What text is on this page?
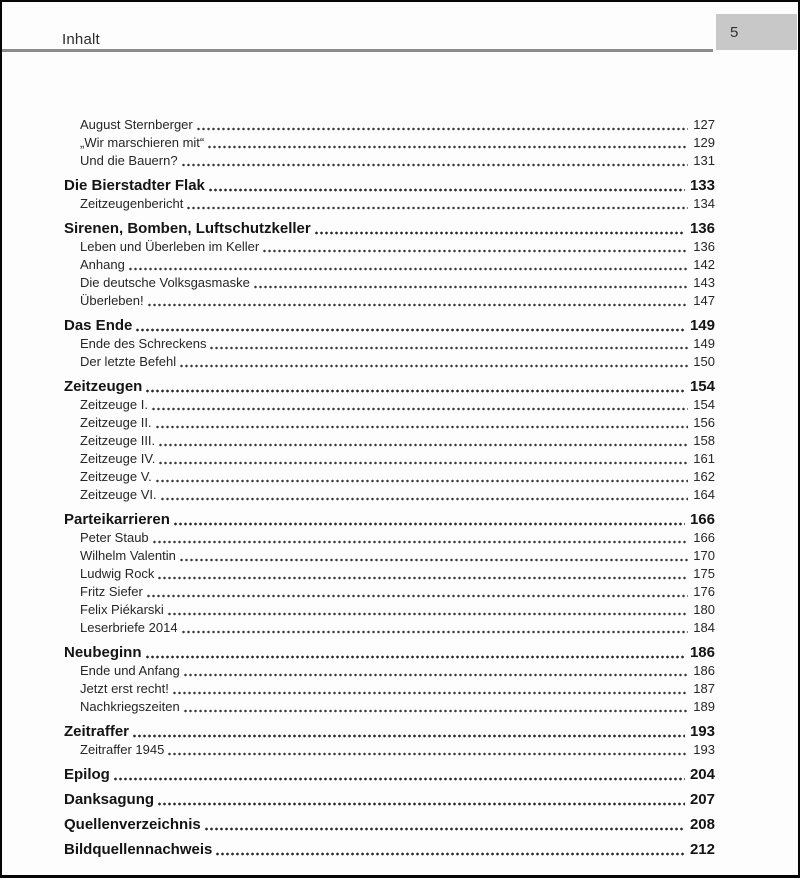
Inhalt	5
August Sternberger	127
„Wir marschieren mit“	129
Und die Bauern?	131
Die Bierstadter Flak	133
Zeitzeugenbericht	134
Sirenen, Bomben, Luftschutzkeller	136
Leben und Überleben im Keller	136
Anhang	142
Die deutsche Volksgasmaske	143
Überleben!	147
Das Ende	149
Ende des Schreckens	149
Der letzte Befehl	150
Zeitzeugen	154
Zeitzeuge I.	154
Zeitzeuge II.	156
Zeitzeuge III.	158
Zeitzeuge IV.	161
Zeitzeuge V.	162
Zeitzeuge VI.	164
Parteikarrieren	166
Peter Staub	166
Wilhelm Valentin	170
Ludwig Rock	175
Fritz Siefer	176
Felix Piékarski	180
Leserbriefe 2014	184
Neubeginn	186
Ende und Anfang	186
Jetzt erst recht!	187
Nachkriegszeiten	189
Zeitraffer	193
Zeitraffer 1945	193
Epilog	204
Danksagung	207
Quellenverzeichnis	208
Bildquellennachweis	212
